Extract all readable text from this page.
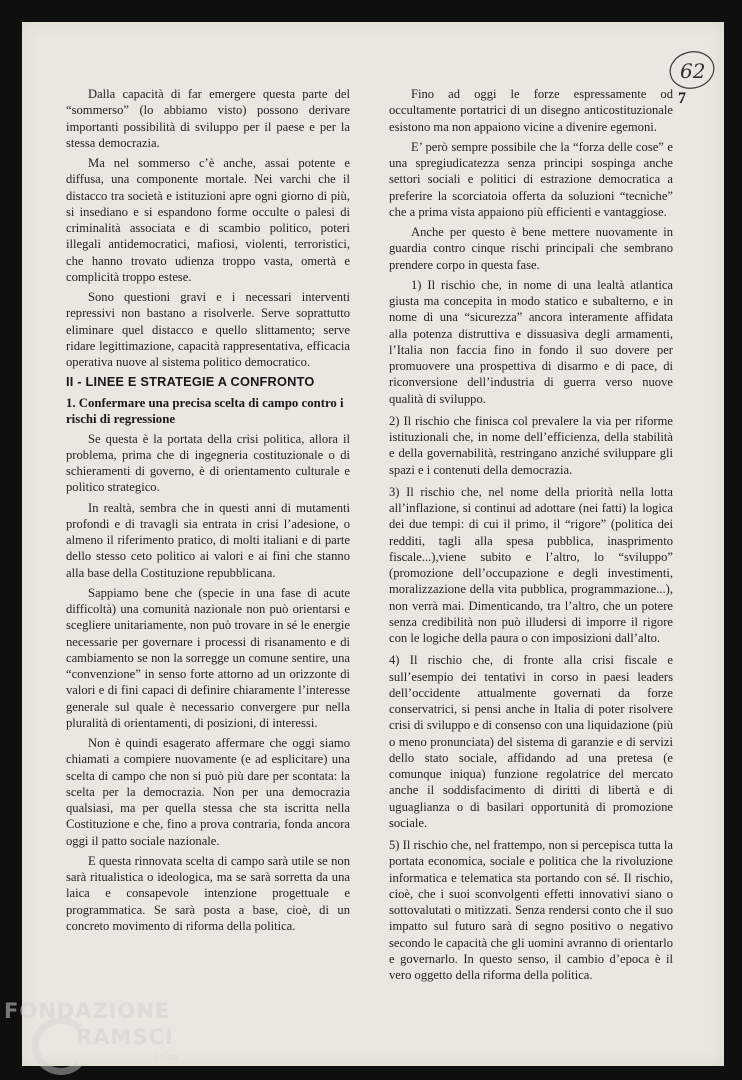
62
7

Dalla capacità di far emergere questa parte del “sommerso” (lo abbiamo visto) possono derivare importanti possibilità di sviluppo per il paese e per la stessa democrazia.

Ma nel sommerso c’è anche, assai potente e diffusa, una componente mortale. Nei varchi che il distacco tra società e istituzioni apre ogni giorno di più, si insediano e si espandono forme occulte o palesi di criminalità associata e di scambio politico, poteri illegali antidemocratici, mafiosi, violenti, terroristici, che hanno trovato udienza troppo vasta, omertà e complicità troppo estese.

Sono questioni gravi e i necessari interventi repressivi non bastano a risolverle. Serve soprattutto eliminare quel distacco e quello slittamento; serve ridare legittimazione, capacità rappresentativa, efficacia operativa nuove al sistema politico democratico.

II - LINEE E STRATEGIE A CONFRONTO

1. Confermare una precisa scelta di campo contro i rischi di regressione

Se questa è la portata della crisi politica, allora il problema, prima che di ingegneria costituzionale o di schieramenti di governo, è di orientamento culturale e politico strategico.

In realtà, sembra che in questi anni di mutamenti profondi e di travagli sia entrata in crisi l’adesione, o almeno il riferimento pratico, di molti italiani e di parte dello stesso ceto politico ai valori e ai fini che stanno alla base della Costituzione repubblicana.

Sappiamo bene che (specie in una fase di acute difficoltà) una comunità nazionale non può orientarsi e scegliere unitariamente, non può trovare in sé le energie necessarie per governare i processi di risanamento e di cambiamento se non la sorregge un comune sentire, una “convenzione” in senso forte attorno ad un orizzonte di valori e di fini capaci di definire chiaramente l’interesse generale sul quale è necessario convergere pur nella pluralità di orientamenti, di posizioni, di interessi.

Non è quindi esagerato affermare che oggi siamo chiamati a compiere nuovamente (e ad esplicitare) una scelta di campo che non si può più dare per scontata: la scelta per la democrazia. Non per una democrazia qualsiasi, ma per quella stessa che sta iscritta nella Costituzione e che, fino a prova contraria, fonda ancora oggi il patto sociale nazionale.

E questa rinnovata scelta di campo sarà utile se non sarà ritualistica o ideologica, ma se sarà sorretta da una laica e consapevole intenzione progettuale e programmatica. Se sarà posta a base, cioè, di un concreto movimento di riforma della politica.

Fino ad oggi le forze espressamente od occultamente portatrici di un disegno anticostituzionale esistono ma non appaiono vicine a divenire egemoni.

E’ però sempre possibile che la “forza delle cose” e una spregiudicatezza senza principi sospinga anche settori sociali e politici di estrazione democratica a preferire la scorciatoia offerta da soluzioni “tecniche” che a prima vista appaiono più efficienti e vantaggiose.

Anche per questo è bene mettere nuovamente in guardia contro cinque rischi principali che sembrano prendere corpo in questa fase.

1) Il rischio che, in nome di una lealtà atlantica giusta ma concepita in modo statico e subalterno, e in nome di una “sicurezza” ancora interamente affidata alla potenza distruttiva e dissuasiva degli armamenti, l’Italia non faccia fino in fondo il suo dovere per promuovere una prospettiva di disarmo e di pace, di riconversione dell’industria di guerra verso nuove qualità di sviluppo.

2) Il rischio che finisca col prevalere la via per riforme istituzionali che, in nome dell’efficienza, della stabilità e della governabilità, restringano anziché sviluppare gli spazi e i contenuti della democrazia.

3) Il rischio che, nel nome della priorità nella lotta all’inflazione, si continui ad adottare (nei fatti) la logica dei due tempi: di cui il primo, il “rigore” (politica dei redditi, tagli alla spesa pubblica, inasprimento fiscale...),viene subito e l’altro, lo “sviluppo” (promozione dell’occupazione e degli investimenti, moralizzazione della vita pubblica, programmazione...), non verrà mai. Dimenticando, tra l’altro, che un potere senza credibilità non può illudersi di imporre il rigore con le logiche della paura o con imposizioni dall’alto.

4) Il rischio che, di fronte alla crisi fiscale e sull’esempio dei tentativi in corso in paesi leaders dell’occidente attualmente governati da forze conservatrici, si pensi anche in Italia di poter risolvere crisi di sviluppo e di consenso con una liquidazione (più o meno pronunciata) del sistema di garanzie e di servizi dello stato sociale, affidando ad una pretesa (e comunque iniqua) funzione regolatrice del mercato anche il soddisfacimento di diritti di libertà e di uguaglianza o di basilari opportunità di promozione sociale.

5) Il rischio che, nel frattempo, non si percepisca tutta la portata economica, sociale e politica che la rivoluzione informatica e telematica sta portando con sé. Il rischio, cioè, che i suoi sconvolgenti effetti innovativi siano o sottovalutati o mitizzati. Senza rendersi conto che il suo impatto sul futuro sarà di segno positivo o negativo secondo le capacità che gli uomini avranno di orientarlo e governarlo. In questo senso, il cambio d’epoca è il vero oggetto della riforma della politica.

FONDAZIONE
RAMSCI
onlus
